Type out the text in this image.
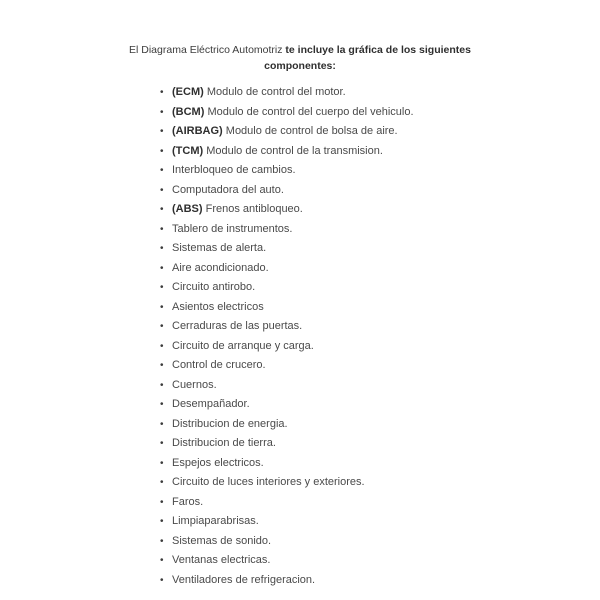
El Diagrama Eléctrico Automotriz te incluye la gráfica de los siguientes componentes:

• (ECM) Modulo de control del motor.
• (BCM) Modulo de control del cuerpo del vehiculo.
• (AIRBAG) Modulo de control de bolsa de aire.
• (TCM) Modulo de control de la transmision.
• Interbloqueo de cambios.
• Computadora del auto.
• (ABS) Frenos antibloqueo.
• Tablero de instrumentos.
• Sistemas de alerta.
• Aire acondicionado.
• Circuito antirobo.
• Asientos electricos
• Cerraduras de las puertas.
• Circuito de arranque y carga.
• Control de crucero.
• Cuernos.
• Desempañador.
• Distribucion de energia.
• Distribucion de tierra.
• Espejos electricos.
• Circuito de luces interiores y exteriores.
• Faros.
• Limpiaparabrisas.
• Sistemas de sonido.
• Ventanas electricas.
• Ventiladores de refrigeracion.
